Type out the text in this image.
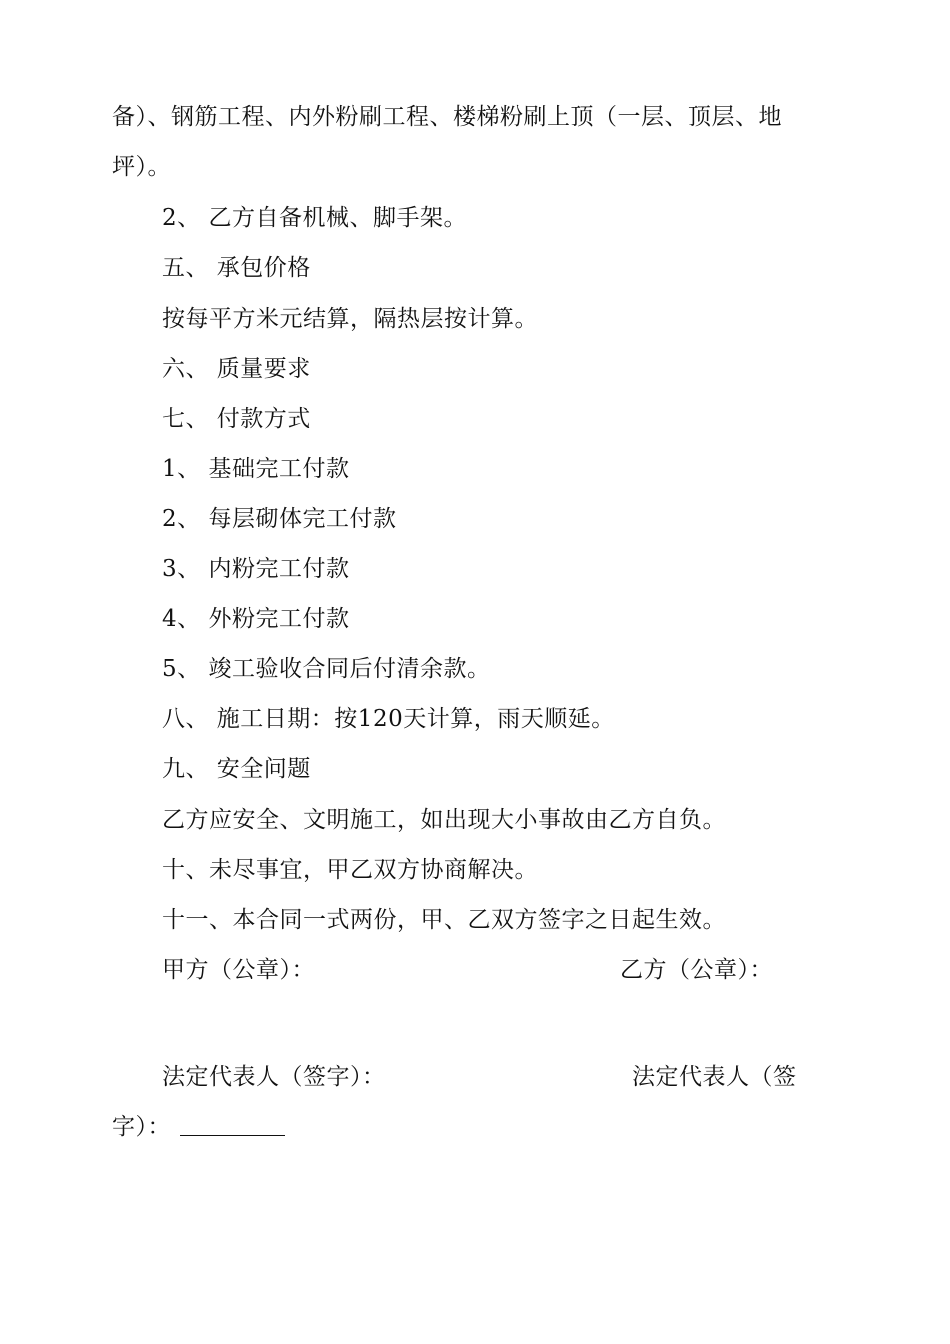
备）、钢筋工程、内外粉刷工程、楼梯粉刷上顶（一层、顶层、地
坪）。
2、 乙方自备机械、脚手架。
五、 承包价格
按每平方米元结算，隔热层按计算。
六、 质量要求
七、 付款方式
1、 基础完工付款
2、 每层砌体完工付款
3、 内粉完工付款
4、 外粉完工付款
5、 竣工验收合同后付清余款。
八、 施工日期：按120天计算，雨天顺延。
九、 安全问题
乙方应安全、文明施工，如出现大小事故由乙方自负。
十、未尽事宜，甲乙双方协商解决。
十一、本合同一式两份，甲、乙双方签字之日起生效。
甲方（公章）：	乙方（公章）：
法定代表人（签字）：	法定代表人（签
字）：
